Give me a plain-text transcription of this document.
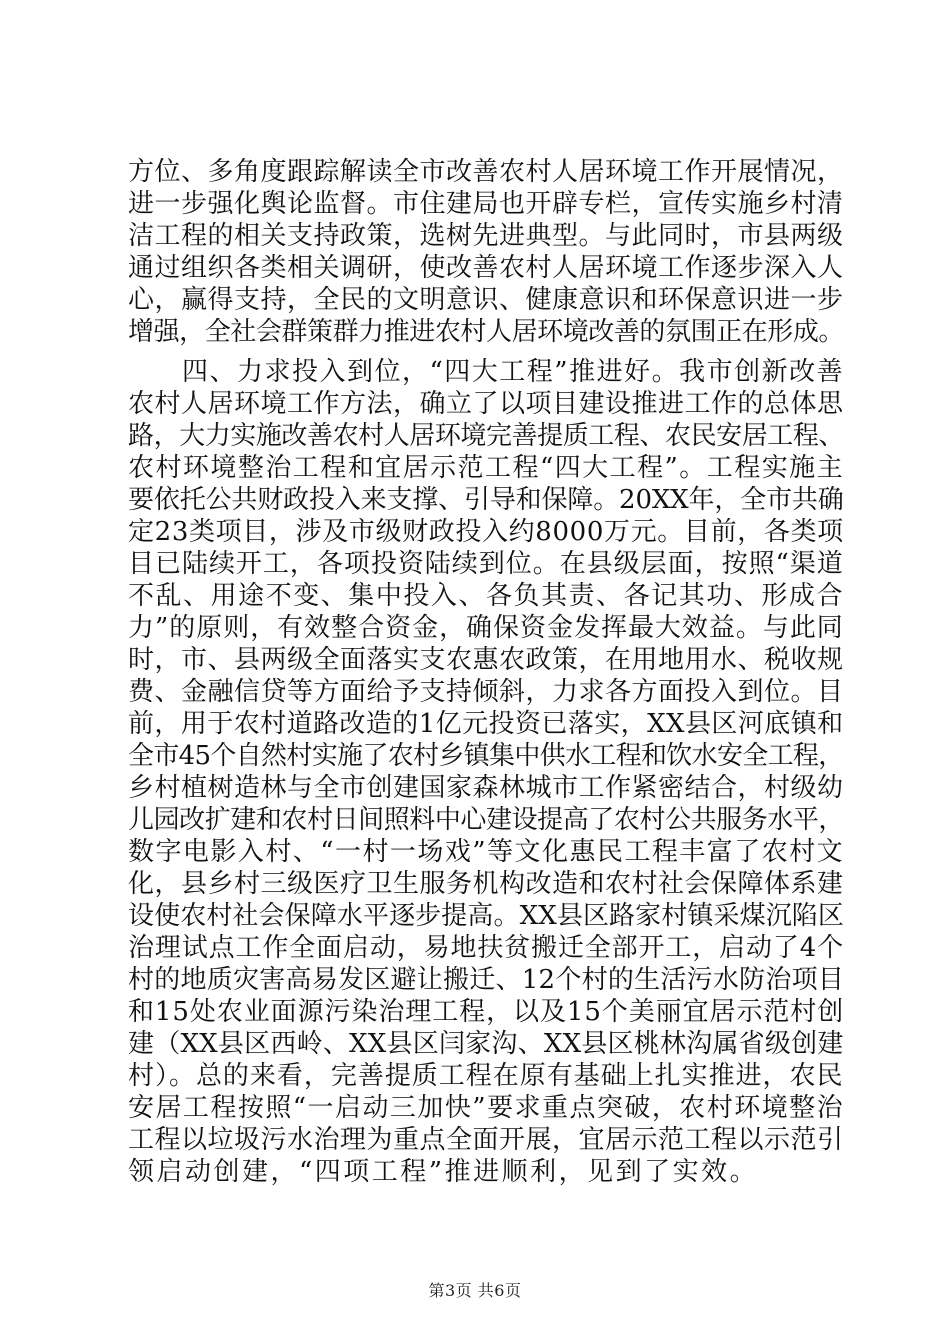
方位、多角度跟踪解读全市改善农村人居环境工作开展情况，
进一步强化舆论监督。市住建局也开辟专栏，宣传实施乡村清
洁工程的相关支持政策，选树先进典型。与此同时，市县两级
通过组织各类相关调研，使改善农村人居环境工作逐步深入人
心，赢得支持，全民的文明意识、健康意识和环保意识进一步
增强，全社会群策群力推进农村人居环境改善的氛围正在形成。
四、力求投入到位，“四大工程”推进好。我市创新改善
农村人居环境工作方法，确立了以项目建设推进工作的总体思
路，大力实施改善农村人居环境完善提质工程、农民安居工程、
农村环境整治工程和宜居示范工程“四大工程”。工程实施主
要依托公共财政投入来支撑、引导和保障。20XX年，全市共确
定23类项目，涉及市级财政投入约8000万元。目前，各类项
目已陆续开工，各项投资陆续到位。在县级层面，按照“渠道
不乱、用途不变、集中投入、各负其责、各记其功、形成合
力”的原则，有效整合资金，确保资金发挥最大效益。与此同
时，市、县两级全面落实支农惠农政策，在用地用水、税收规
费、金融信贷等方面给予支持倾斜，力求各方面投入到位。目
前，用于农村道路改造的1亿元投资已落实，XX县区河底镇和
全市45个自然村实施了农村乡镇集中供水工程和饮水安全工程，
乡村植树造林与全市创建国家森林城市工作紧密结合，村级幼
儿园改扩建和农村日间照料中心建设提高了农村公共服务水平，
数字电影入村、“一村一场戏”等文化惠民工程丰富了农村文
化，县乡村三级医疗卫生服务机构改造和农村社会保障体系建
设使农村社会保障水平逐步提高。XX县区路家村镇采煤沉陷区
治理试点工作全面启动，易地扶贫搬迁全部开工，启动了4个
村的地质灾害高易发区避让搬迁、12个村的生活污水防治项目
和15处农业面源污染治理工程，以及15个美丽宜居示范村创
建（XX县区西岭、XX县区闫家沟、XX县区桃林沟属省级创建
村）。总的来看，完善提质工程在原有基础上扎实推进，农民
安居工程按照“一启动三加快”要求重点突破，农村环境整治
工程以垃圾污水治理为重点全面开展，宜居示范工程以示范引
领启动创建，“四项工程”推进顺利，见到了实效。
第3页 共6页
